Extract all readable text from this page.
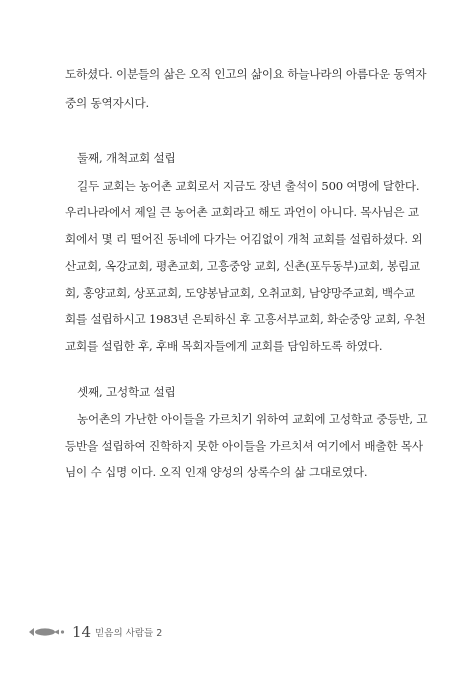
도하셨다. 이분들의 삶은 오직 인고의 삶이요 하늘나라의 아름다운 동역자
중의 동역자시다.
둘째, 개척교회 설립
길두 교회는 농어촌 교회로서 지금도 장년 출석이 500 여명에 달한다.
우리나라에서 제일 큰 농어촌 교회라고 해도 과언이 아니다. 목사님은 교
회에서 몇 리 떨어진 동네에 다가는 어김없이 개척 교회를 설립하셨다. 외
산교회, 옥강교회, 평촌교회, 고흥중앙 교회, 신촌(포두동부)교회, 봉림교
회, 홍양교회, 상포교회, 도양봉남교회, 오취교회, 남양망주교회, 백수교
회를 설립하시고 1983년 은퇴하신 후 고흥서부교회, 화순중앙 교회, 우천
교회를 설립한 후, 후배 목회자들에게 교회를 담임하도록 하였다.
셋째, 고성학교 설립
농어촌의 가난한 아이들을 가르치기 위하여 교회에 고성학교 중등반, 고
등반을 설립하여 진학하지 못한 아이들을 가르치셔 여기에서 배출한 목사
님이 수 십명 이다. 오직 인재 양성의 상록수의 삶 그대로였다.
14 믿음의 사람들 2
